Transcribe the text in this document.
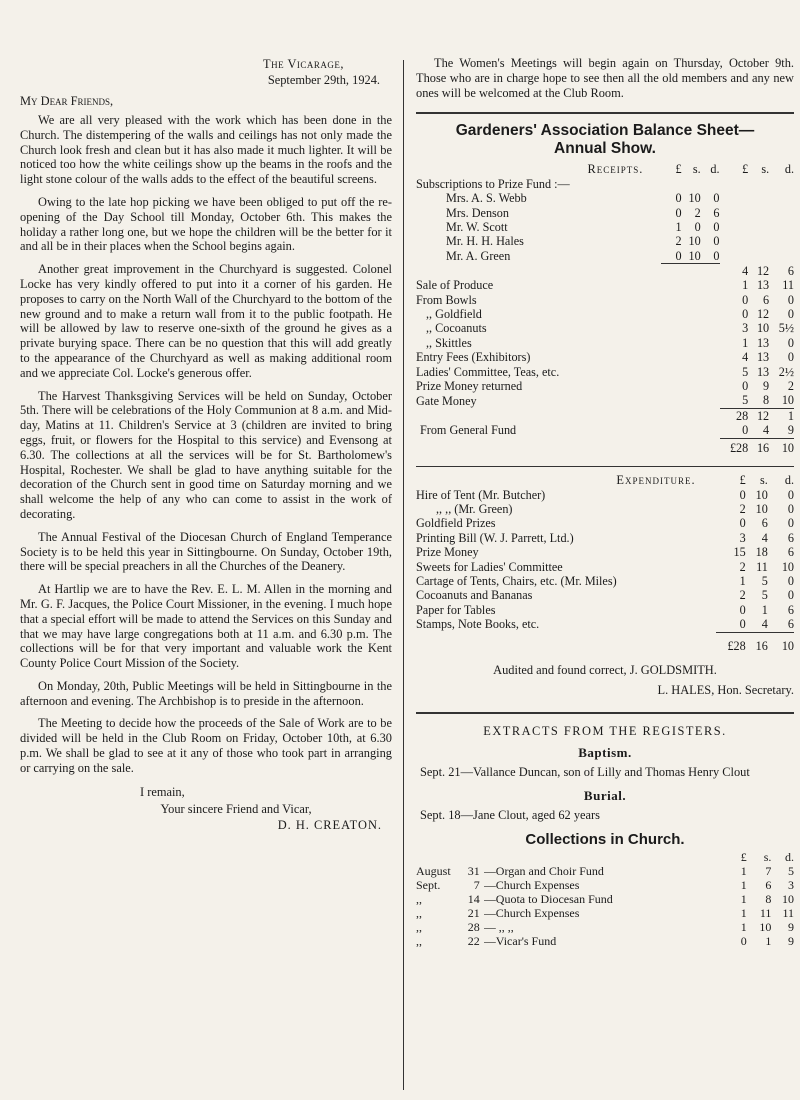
The Vicarage,
September 29th, 1924.
My Dear Friends,

We are all very pleased with the work which has been done in the Church. The distempering of the walls and ceilings has not only made the Church look fresh and clean but it has also made it much lighter. It will be noticed too how the white ceilings show up the beams in the roofs and the light stone colour of the walls adds to the effect of the beautiful screens.

Owing to the late hop picking we have been obliged to put off the re-opening of the Day School till Monday, October 6th. This makes the holiday a rather long one, but we hope the children will be the better for it and all be in their places when the School begins again.

Another great improvement in the Churchyard is suggested. Colonel Locke has very kindly offered to put into it a corner of his garden. He proposes to carry on the North Wall of the Churchyard to the bottom of the new ground and to make a return wall from it to the public footpath. He will be allowed by law to reserve one-sixth of the ground he gives as a private burying space. There can be no question that this will add greatly to the appearance of the Churchyard as well as making additional room and we appreciate Col. Locke's generous offer.

The Harvest Thanksgiving Services will be held on Sunday, October 5th. There will be celebrations of the Holy Communion at 8 a.m. and Mid-day, Matins at 11. Children's Service at 3 (children are invited to bring eggs, fruit, or flowers for the Hospital to this service) and Evensong at 6.30. The collections at all the services will be for St. Bartholomew's Hospital, Rochester. We shall be glad to have anything suitable for the decoration of the Church sent in good time on Saturday morning and we shall welcome the help of any who can come to assist in the work of decorating.

The Annual Festival of the Diocesan Church of England Temperance Society is to be held this year in Sittingbourne. On Sunday, October 19th, there will be special preachers in all the Churches of the Deanery.

At Hartlip we are to have the Rev. E. L. M. Allen in the morning and Mr. G. F. Jacques, the Police Court Missioner, in the evening. I much hope that a special effort will be made to attend the Services on this Sunday and that we may have large congregations both at 11 a.m. and 6.30 p.m. The collections will be for that very important and valuable work the Kent County Police Court Mission of the Society.

On Monday, 20th, Public Meetings will be held in Sittingbourne in the afternoon and evening. The Archbishop is to preside in the afternoon.

The Meeting to decide how the proceeds of the Sale of Work are to be divided will be held in the Club Room on Friday, October 10th, at 6.30 p.m. We shall be glad to see at it any of those who took part in arranging or carrying on the sale.

I remain,
Your sincere Friend and Vicar,
D. H. CREATON.

The Women's Meetings will begin again on Thursday, October 9th. Those who are in charge hope to see then all the old members and any new ones will be welcomed at the Club Room.

Gardeners' Association Balance Sheet—
Annual Show.
Receipts.	£	s.	d.	£	s.	d.
Subscriptions to Prize Fund :—						
Mrs. A. S. Webb	0	10	0			
Mrs. Denson	0	2	6			
Mr. W. Scott	1	0	0			
Mr. H. H. Hales	2	10	0			
Mr. A. Green	0	10	0			
				4	12	6
Sale of Produce				1	13	11
From Bowls				0	6	0
,, Goldfield				0	12	0
,, Cocoanuts				3	10	5½
,, Skittles				1	13	0
Entry Fees (Exhibitors)				4	13	0
Ladies' Committee, Teas, etc.				5	13	2½
Prize Money returned				0	9	2
Gate Money				5	8	10
				28	12	1
From General Fund				0	4	9
				£28	16	10
Expenditure.	£	s.	d.
Hire of Tent (Mr. Butcher)	0	10	0
,, ,, (Mr. Green)	2	10	0
Goldfield Prizes	0	6	0
Printing Bill (W. J. Parrett, Ltd.)	3	4	6
Prize Money	15	18	6
Sweets for Ladies' Committee	2	11	10
Cartage of Tents, Chairs, etc. (Mr. Miles)	1	5	0
Cocoanuts and Bananas	2	5	0
Paper for Tables	0	1	6
Stamps, Note Books, etc.	0	4	6
	£28	16	10
Audited and found correct, J. GOLDSMITH.
L. HALES, Hon. Secretary.
EXTRACTS FROM THE REGISTERS.
Baptism.

Sept. 21—Vallance Duncan, son of Lilly and Thomas Henry Clout

Burial.

Sept. 18—Jane Clout, aged 62 years

Collections in Church.
			£	s.	d.
August	31	—Organ and Choir Fund	1	7	5
Sept.	7	—Church Expenses	1	6	3
,,	14	—Quota to Diocesan Fund	1	8	10
,,	21	—Church Expenses	1	11	11
,,	28	— ,, ,,	1	10	9
,,	22	—Vicar's Fund	0	1	9
